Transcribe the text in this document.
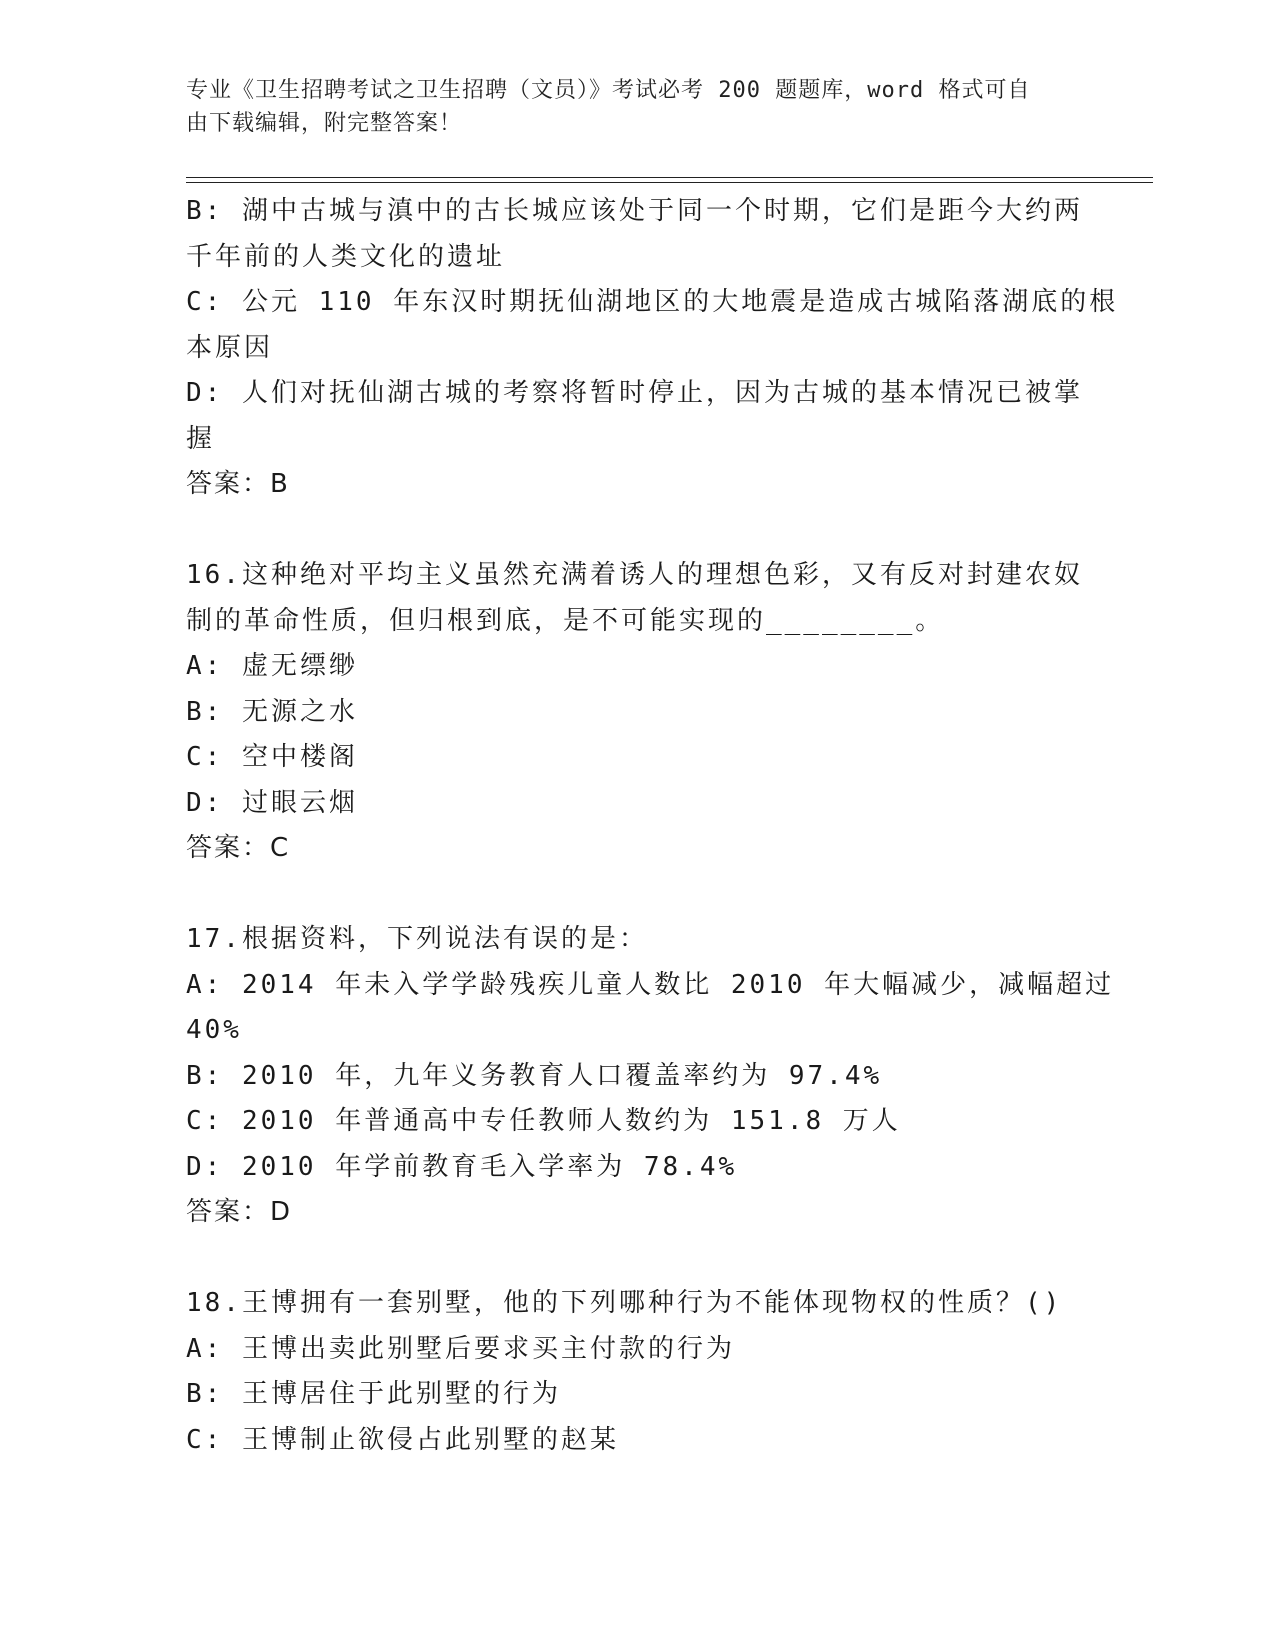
专业《卫生招聘考试之卫生招聘（文员）》考试必考 200 题题库，word 格式可自
由下载编辑，附完整答案！
B: 湖中古城与滇中的古长城应该处于同一个时期，它们是距今大约两
千年前的人类文化的遗址
C: 公元 110 年东汉时期抚仙湖地区的大地震是造成古城陷落湖底的根
本原因
D: 人们对抚仙湖古城的考察将暂时停止，因为古城的基本情况已被掌
握
答案：B
16.这种绝对平均主义虽然充满着诱人的理想色彩，又有反对封建农奴
制的革命性质，但归根到底，是不可能实现的________。
A: 虚无缥缈
B: 无源之水
C: 空中楼阁
D: 过眼云烟
答案：C
17.根据资料，下列说法有误的是：
A: 2014 年未入学学龄残疾儿童人数比 2010 年大幅减少，减幅超过
40%
B: 2010 年，九年义务教育人口覆盖率约为 97.4%
C: 2010 年普通高中专任教师人数约为 151.8 万人
D: 2010 年学前教育毛入学率为 78.4%
答案：D
18.王博拥有一套别墅，他的下列哪种行为不能体现物权的性质？()
A: 王博出卖此别墅后要求买主付款的行为
B: 王博居住于此别墅的行为
C: 王博制止欲侵占此别墅的赵某
